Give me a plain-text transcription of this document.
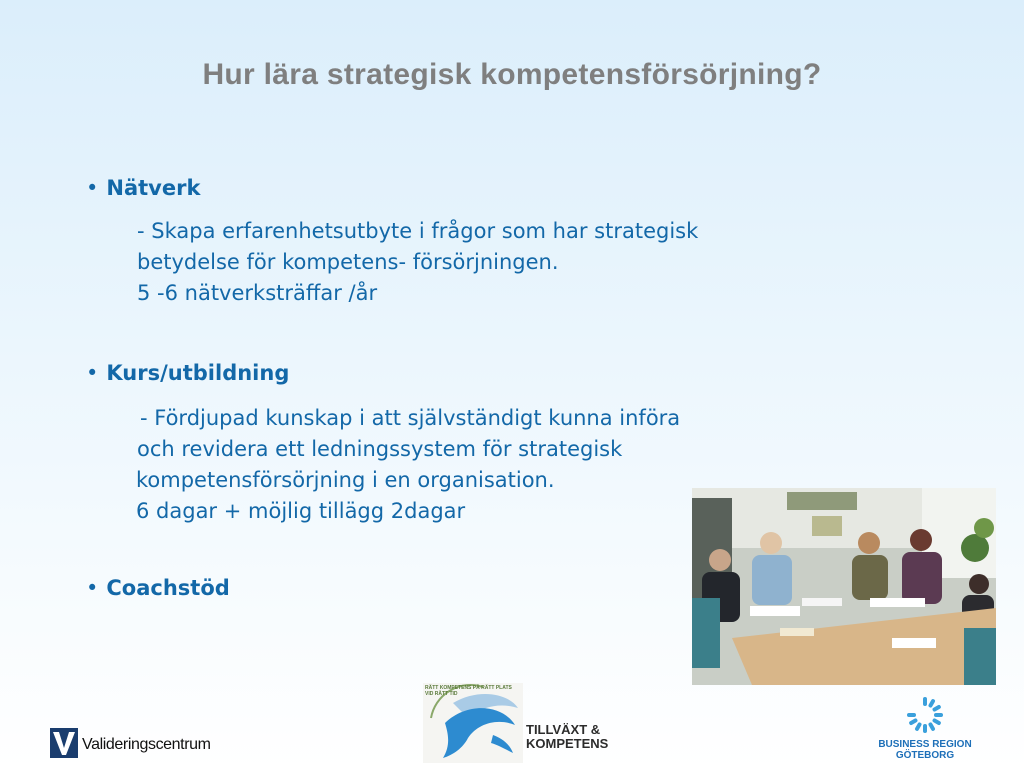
Hur lära strategisk kompetensförsörjning?
• Nätverk
- Skapa erfarenhetsutbyte i frågor som har strategisk
betydelse för kompetens- försörjningen.
5 -6 nätverksträffar /år
• Kurs/utbildning
- Fördjupad kunskap i att självständigt kunna införa
och revidera ett ledningssystem för strategisk
kompetensförsörjning i en organisation.
6 dagar + möjlig tillägg 2dagar
• Coachstöd
Valideringscentrum
RÄTT KOMPETENS PÅ RÄTT PLATS VID RÄTT TID
TILLVÄXT &
KOMPETENS	BUSINESS REGION
GÖTEBORG
